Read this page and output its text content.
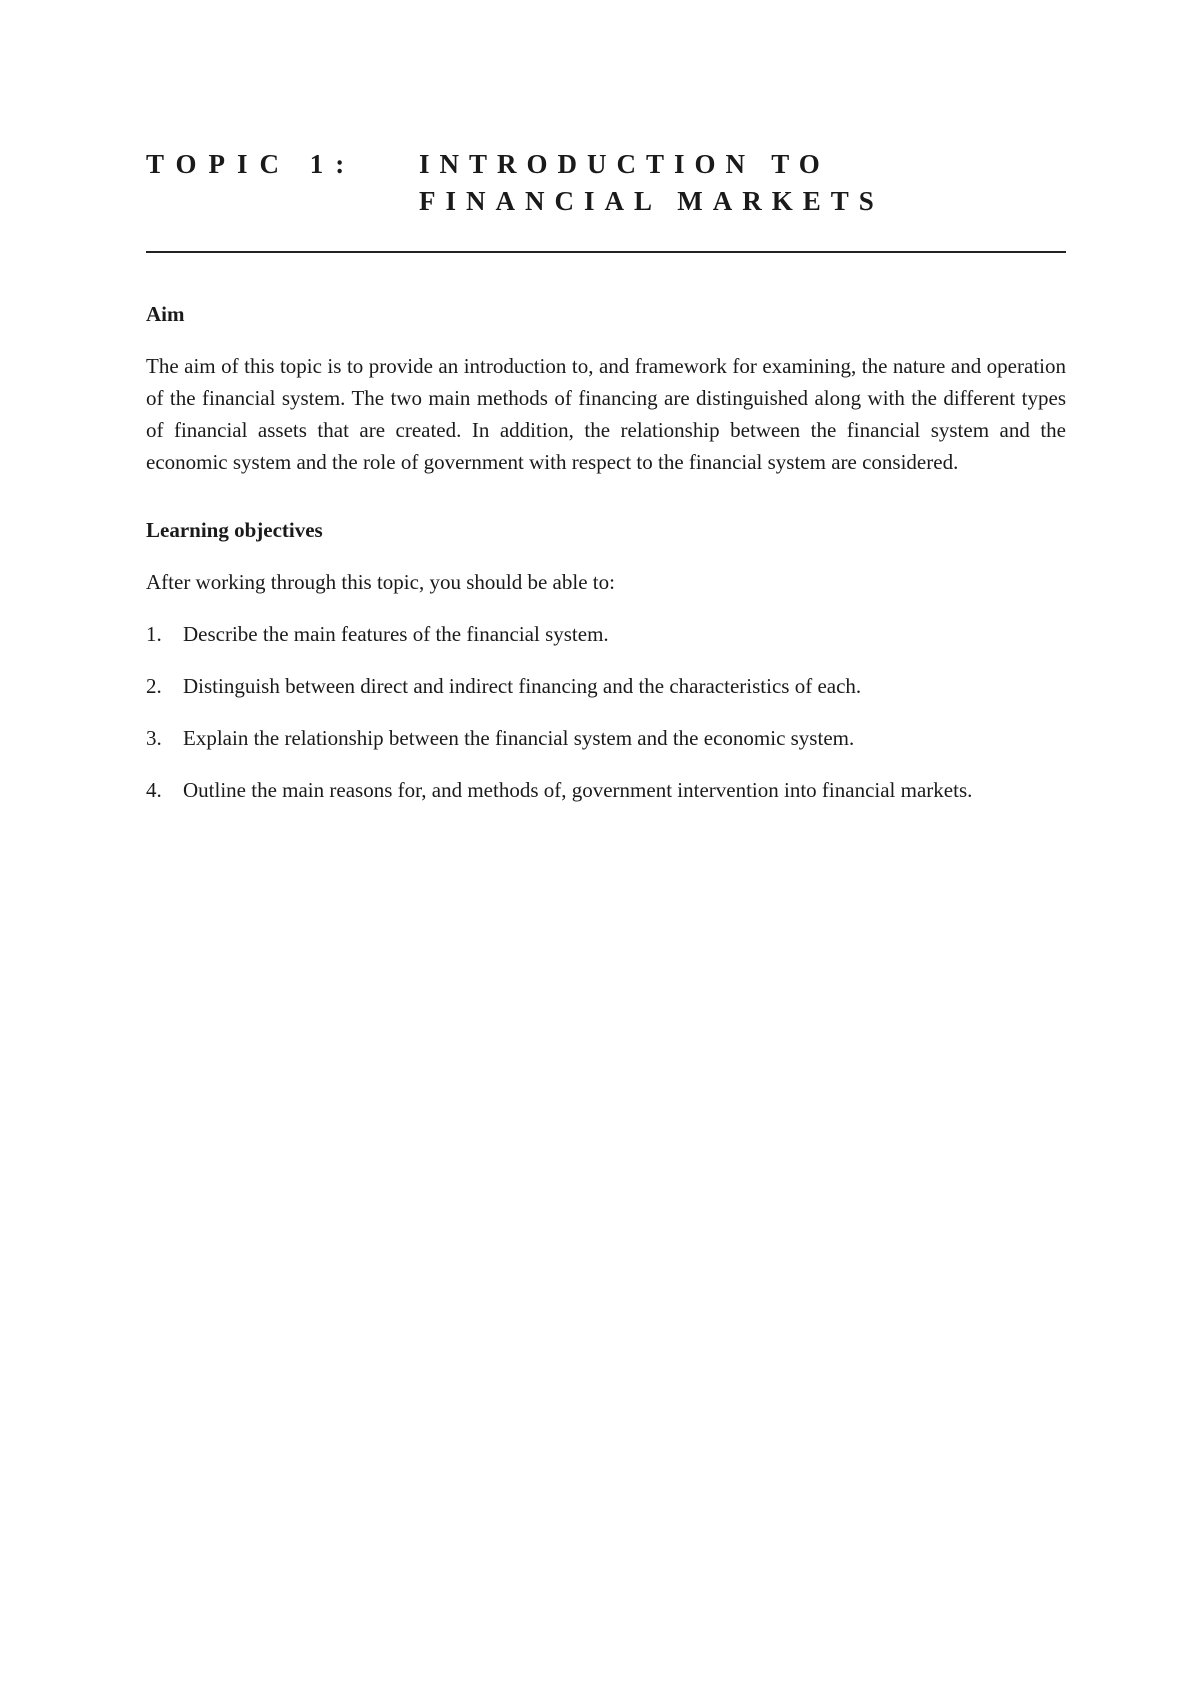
TOPIC 1: INTRODUCTION TO
FINANCIAL MARKETS
Aim

The aim of this topic is to provide an introduction to, and framework for examining, the nature and operation of the financial system. The two main methods of financing are distinguished along with the different types of financial assets that are created. In addition, the relationship between the financial system and the economic system and the role of government with respect to the financial system are considered.

Learning objectives

After working through this topic, you should be able to:

1. Describe the main features of the financial system.
2. Distinguish between direct and indirect financing and the characteristics of each.
3. Explain the relationship between the financial system and the economic system.
4. Outline the main reasons for, and methods of, government intervention into financial markets.
